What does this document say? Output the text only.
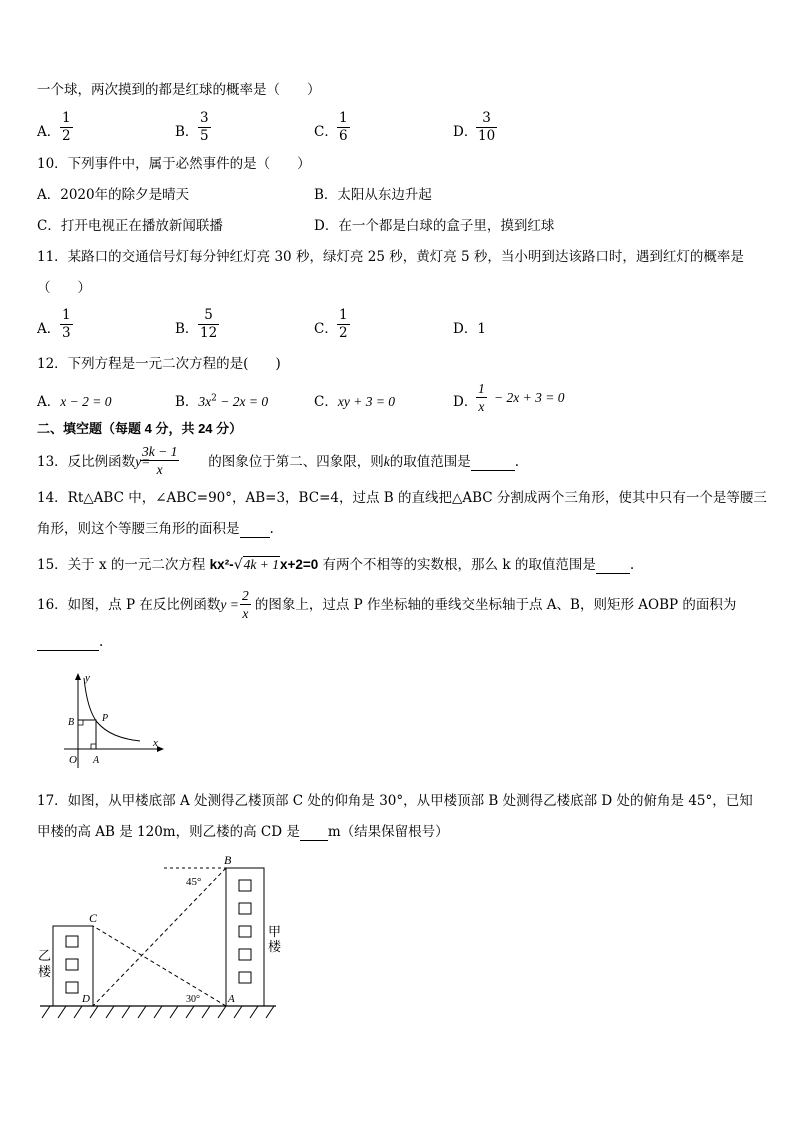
一个球，两次摸到的都是红球的概率是（　　）
A．
1
2	B．
3
5	C．
1
6	D．
3
10
10．下列事件中，属于必然事件的是（　　）
A．2020年的除夕是晴天	B．太阳从东边升起
C．打开电视正在播放新闻联播	D．在一个都是白球的盒子里，摸到红球
11．某路口的交通信号灯每分钟红灯亮 30 秒，绿灯亮 25 秒，黄灯亮 5 秒，当小明到达该路口时，遇到红灯的概率是
（　　）
A．
1
3	B．
5
12	C．
1
2	D．1
12．下列方程是一元二次方程的是(　　)
A．x − 2 = 0	B．$3x^2 - 2x = 0$	C．xy + 3 = 0	D．
1
x
− 2x + 3 = 0
二、填空题（每题 4 分，共 24 分）
13．反比例函数y=	的图象位于第二、四象限，则k的取值范围是	.
3k − 1
x
14．Rt△ABC 中，∠ABC=90°，AB=3，BC=4，过点 B 的直线把△ABC 分割成两个三角形，使其中只有一个是等腰三
角形，则这个等腰三角形的面积是 .
15．关于 x 的一元二次方程 kx²-√4k + 1x+2=0 有两个不相等的实数根，那么 k 的取值范围是	.
16．如图，点 P 在反比例函数y = 的图象上，过点 P 作坐标轴的垂线交坐标轴于点 A、B，则矩形 AOBP 的面积为
2
x
.
y
x
O A
B	P
17．如图，从甲楼底部 A 处测得乙楼顶部 C 处的仰角是 30°，从甲楼顶部 B 处测得乙楼底部 D 处的俯角是 45°，已知
甲楼的高 AB 是 120m，则乙楼的高 CD 是 m（结果保留根号）
B
C
D	A
45°
30°
甲
楼
乙
楼
